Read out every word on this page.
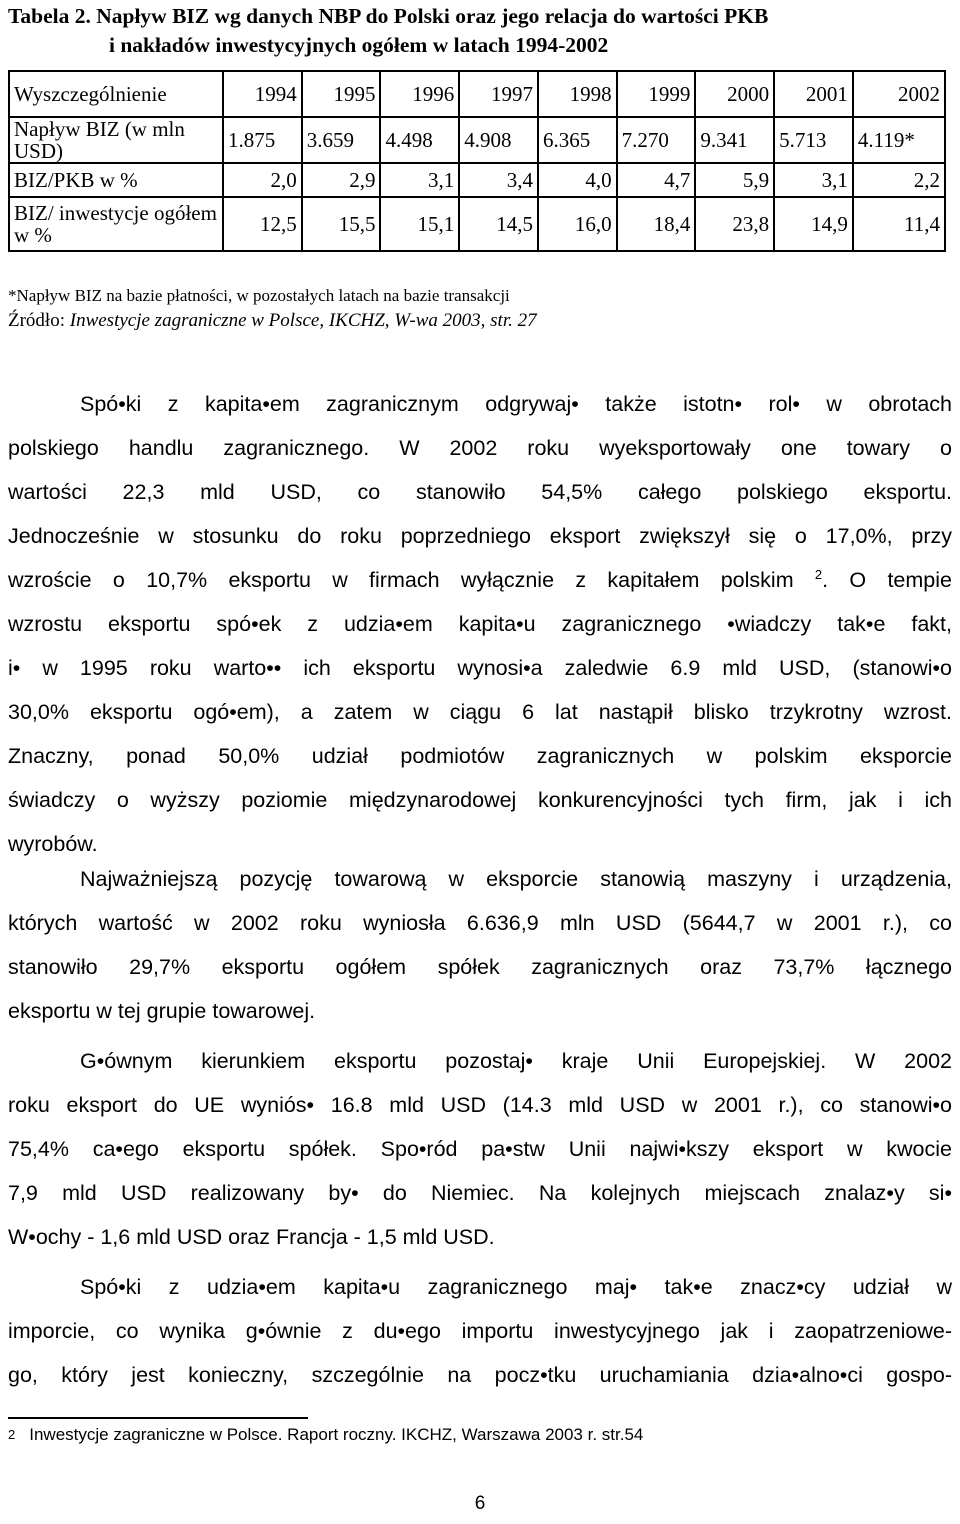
Tabela 2. Napływ BIZ wg danych NBP do Polski oraz jego relacja do wartości PKB
i nakładów inwestycyjnych ogółem w latach 1994-2002
Wyszczególnienie	1994	1995	1996	1997	1998	1999	2000	2001	2002
Napływ BIZ (w mln USD)	1.875	3.659	4.498	4.908	6.365	7.270	9.341	5.713	4.119*
BIZ/PKB w %	2,0	2,9	3,1	3,4	4,0	4,7	5,9	3,1	2,2
BIZ/ inwestycje ogółem w %	12,5	15,5	15,1	14,5	16,0	18,4	23,8	14,9	11,4
*Napływ BIZ na bazie płatności, w pozostałych latach na bazie transakcji
Źródło: Inwestycje zagraniczne w Polsce, IKCHZ, W-wa 2003, str. 27

Spó•ki z kapita•em zagranicznym odgrywaj• także istotn• rol• w obrotach

polskiego handlu zagranicznego. W 2002 roku wyeksportowały one towary o

wartości 22,3 mld USD, co stanowiło 54,5% całego polskiego eksportu.

Jednocześnie w stosunku do roku poprzedniego eksport zwiększył się o 17,0%, przy

wzroście o 10,7% eksportu w firmach wyłącznie z kapitałem polskim $^2$. O tempie

wzrostu eksportu spó•ek z udzia•em kapita•u zagranicznego •wiadczy tak•e fakt,

i• w 1995 roku warto•• ich eksportu wynosi•a zaledwie 6.9 mld USD, (stanowi•o

30,0% eksportu ogó•em), a zatem w ciągu 6 lat nastąpił blisko trzykrotny wzrost.

Znaczny, ponad 50,0% udział podmiotów zagranicznych w polskim eksporcie

świadczy o wyższy poziomie międzynarodowej konkurencyjności tych firm, jak i ich

wyrobów.

Najważniejszą pozycję towarową w eksporcie stanowią maszyny i urządzenia,

których wartość w 2002 roku wyniosła 6.636,9 mln USD (5644,7 w 2001 r.), co

stanowiło 29,7% eksportu ogółem spółek zagranicznych oraz 73,7% łącznego

eksportu w tej grupie towarowej.

G•ównym kierunkiem eksportu pozostaj• kraje Unii Europejskiej. W 2002

roku eksport do UE wyniós• 16.8 mld USD (14.3 mld USD w 2001 r.), co stanowi•o

75,4% ca•ego eksportu spółek. Spo•ród pa•stw Unii najwi•kszy eksport w kwocie

7,9 mld USD realizowany by• do Niemiec. Na kolejnych miejscach znalaz•y si•

W•ochy - 1,6 mld USD oraz Francja - 1,5 mld USD.

Spó•ki z udzia•em kapita•u zagranicznego maj• tak•e znacz•cy udział w

imporcie, co wynika g•ównie z du•ego importu inwestycyjnego jak i zaopatrzeniowe-

go, który jest konieczny, szczególnie na pocz•tku uruchamiania dzia•alno•ci gospo-

$^2$ Inwestycje zagraniczne w Polsce. Raport roczny. IKCHZ, Warszawa 2003 r. str.54
6
